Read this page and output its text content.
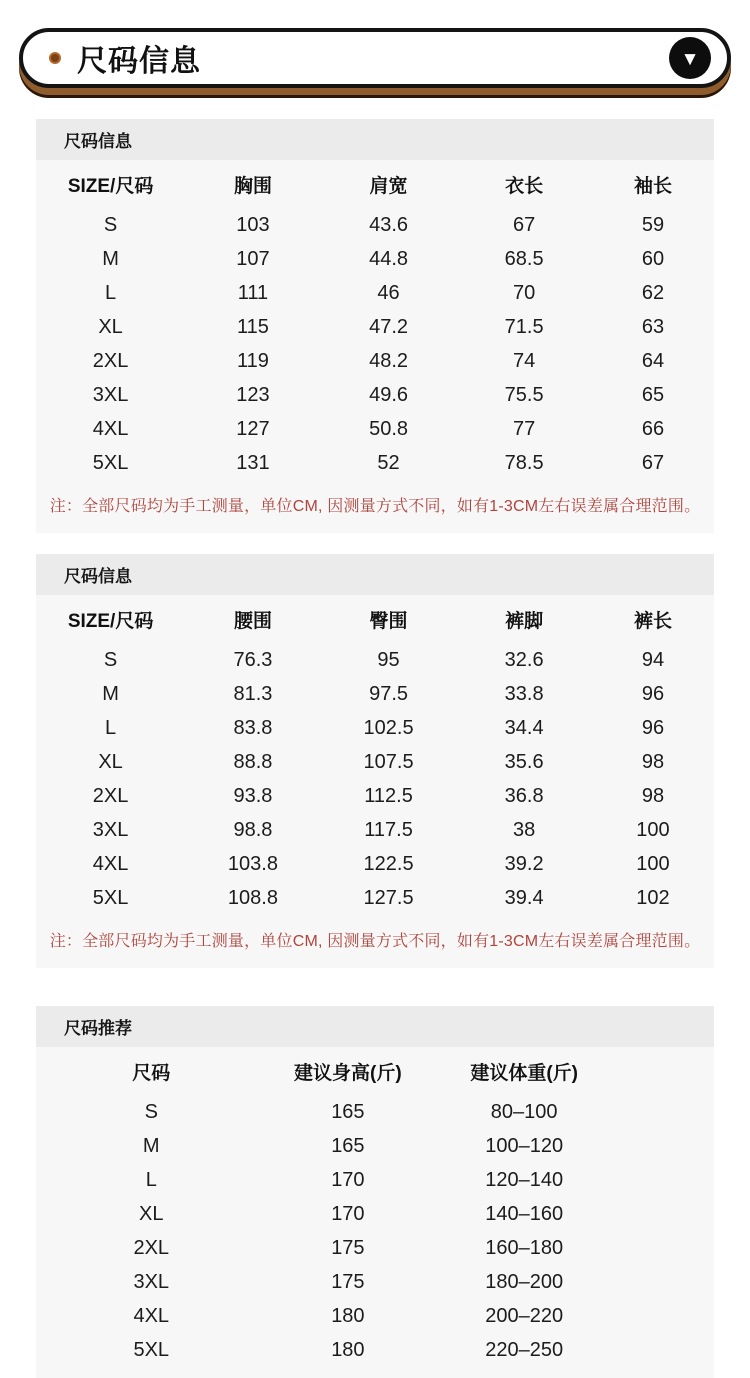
尺码信息	▼
尺码信息
SIZE/尺码	胸围	肩宽	衣长	袖长
S	103	43.6	67	59
M	107	44.8	68.5	60
L	111	46	70	62
XL	115	47.2	71.5	63
2XL	119	48.2	74	64
3XL	123	49.6	75.5	65
4XL	127	50.8	77	66
5XL	131	52	78.5	67
注：全部尺码均为手工测量，单位CM, 因测量方式不同，如有1-3CM左右误差属合理范围。
尺码信息
SIZE/尺码	腰围	臀围	裤脚	裤长
S	76.3	95	32.6	94
M	81.3	97.5	33.8	96
L	83.8	102.5	34.4	96
XL	88.8	107.5	35.6	98
2XL	93.8	112.5	36.8	98
3XL	98.8	117.5	38	100
4XL	103.8	122.5	39.2	100
5XL	108.8	127.5	39.4	102
注：全部尺码均为手工测量，单位CM, 因测量方式不同，如有1-3CM左右误差属合理范围。
尺码推荐
尺码	建议身高(斤)	建议体重(斤)
S	165	80–100
M	165	100–120
L	170	120–140
XL	170	140–160
2XL	175	160–180
3XL	175	180–200
4XL	180	200–220
5XL	180	220–250
